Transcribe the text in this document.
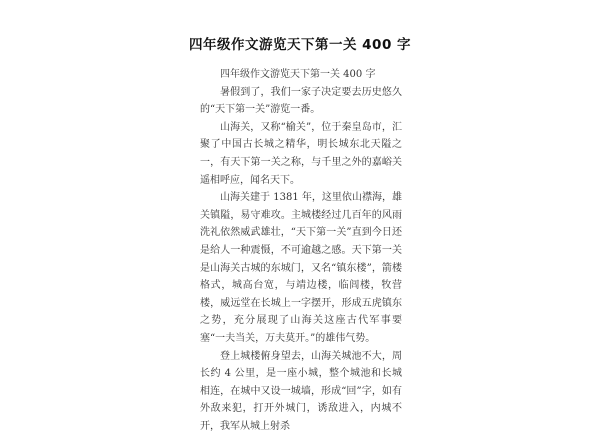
四年级作文游览天下第一关 400 字

四年级作文游览天下第一关 400 字

暑假到了，我们一家子决定要去历史悠久的“天下第一关”游览一番。

山海关，又称“榆关”，位于秦皇岛市，汇聚了中国古长城之精华，明长城东北天隘之一，有天下第一关之称，与千里之外的嘉峪关遥相呼应，闻名天下。

山海关建于 1381 年，这里依山襟海，雄关镇隘，易守难攻。主城楼经过几百年的风雨洗礼依然威武雄壮，“天下第一关”直到今日还是给人一种震慑，不可逾越之感。天下第一关是山海关古城的东城门，又名“镇东楼”，箭楼格式，城高台宽，与靖边楼，临闾楼，牧营楼，威远堂在长城上一字摆开，形成五虎镇东之势，充分展现了山海关这座古代军事要塞“一夫当关，万夫莫开。”的雄伟气势。

登上城楼俯身望去，山海关城池不大，周长约 4 公里，是一座小城，整个城池和长城相连，在城中又设一城墙，形成“回”字，如有外敌来犯，打开外城门，诱敌进入，内城不开，我军从城上射杀
